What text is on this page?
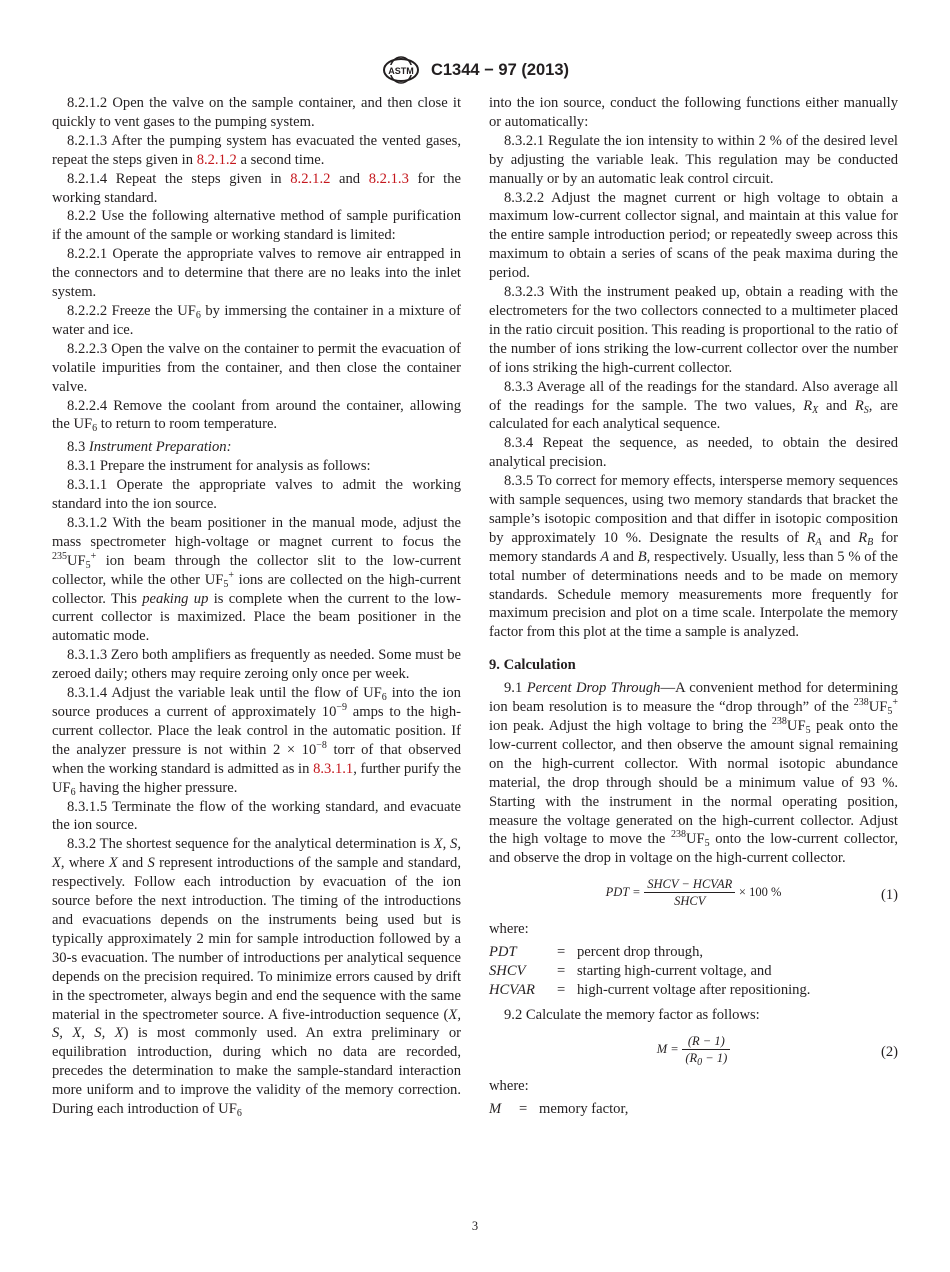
ASTM C1344 − 97 (2013)

8.2.1.2 Open the valve on the sample container, and then close it quickly to vent gases to the pumping system.

8.2.1.3 After the pumping system has evacuated the vented gases, repeat the steps given in 8.2.1.2 a second time.

8.2.1.4 Repeat the steps given in 8.2.1.2 and 8.2.1.3 for the working standard.

8.2.2 Use the following alternative method of sample purification if the amount of the sample or working standard is limited:

8.2.2.1 Operate the appropriate valves to remove air entrapped in the connectors and to determine that there are no leaks into the inlet system.

8.2.2.2 Freeze the $UF_6$ by immersing the container in a mixture of water and ice.

8.2.2.3 Open the valve on the container to permit the evacuation of volatile impurities from the container, and then close the container valve.

8.2.2.4 Remove the coolant from around the container, allowing the $UF_6$ to return to room temperature.

8.3 Instrument Preparation:

8.3.1 Prepare the instrument for analysis as follows:

8.3.1.1 Operate the appropriate valves to admit the working standard into the ion source.

8.3.1.2 With the beam positioner in the manual mode, adjust the mass spectrometer high-voltage or magnet current to focus the $^{235}UF_5^+$ ion beam through the collector slit to the low-current collector, while the other $UF_5^+$ ions are collected on the high-current collector. This peaking up is complete when the current to the low-current collector is maximized. Place the beam positioner in the automatic mode.

8.3.1.3 Zero both amplifiers as frequently as needed. Some must be zeroed daily; others may require zeroing only once per week.

8.3.1.4 Adjust the variable leak until the flow of $UF_6$ into the ion source produces a current of approximately $10^{-9}$ amps to the high-current collector. Place the leak control in the automatic position. If the analyzer pressure is not within $2 \times 10^{-8}$ torr of that observed when the working standard is admitted as in 8.3.1.1, further purify the $UF_6$ having the higher pressure.

8.3.1.5 Terminate the flow of the working standard, and evacuate the ion source.

8.3.2 The shortest sequence for the analytical determination is X, S, X, where X and S represent introductions of the sample and standard, respectively. Follow each introduction by evacuation of the ion source before the next introduction. The timing of the introductions and evacuations depends on the instruments being used but is typically approximately 2 min for sample introduction followed by a 30-s evacuation. The number of introductions per analytical sequence depends on the precision required. To minimize errors caused by drift in the spectrometer, always begin and end the sequence with the same material in the spectrometer source. A five-introduction sequence (X, S, X, S, X) is most commonly used. An extra preliminary or equilibration introduction, during which no data are recorded, precedes the determination to make the sample-standard interaction more uniform and to improve the validity of the memory correction. During each introduction of $UF_6$

into the ion source, conduct the following functions either manually or automatically:

8.3.2.1 Regulate the ion intensity to within 2 % of the desired level by adjusting the variable leak. This regulation may be conducted manually or by an automatic leak control circuit.

8.3.2.2 Adjust the magnet current or high voltage to obtain a maximum low-current collector signal, and maintain at this value for the entire sample introduction period; or repeatedly sweep across this maximum to obtain a series of scans of the peak maxima during the period.

8.3.2.3 With the instrument peaked up, obtain a reading with the electrometers for the two collectors connected to a multimeter placed in the ratio circuit position. This reading is proportional to the ratio of the number of ions striking the low-current collector over the number of ions striking the high-current collector.

8.3.3 Average all of the readings for the standard. Also average all of the readings for the sample. The two values, $R_X$ and $R_S$, are calculated for each analytical sequence.

8.3.4 Repeat the sequence, as needed, to obtain the desired analytical precision.

8.3.5 To correct for memory effects, intersperse memory sequences with sample sequences, using two memory standards that bracket the sample’s isotopic composition and that differ in isotopic composition by approximately 10 %. Designate the results of $R_A$ and $R_B$ for memory standards A and B, respectively. Usually, less than 5 % of the total number of determinations needs and to be made on memory standards. Schedule memory measurements more frequently for maximum precision and plot on a time scale. Interpolate the memory factor from this plot at the time a sample is analyzed.

9. Calculation

9.1 Percent Drop Through—A convenient method for determining ion beam resolution is to measure the “drop through” of the $^{238}UF_5^+$ ion peak. Adjust the high voltage to bring the $^{238}UF_5$ peak onto the low-current collector, and then observe the amount signal remaining on the high-current collector. With normal isotopic abundance material, the drop through should be a minimum value of 93 %. Starting with the instrument in the normal operating position, measure the voltage generated on the high-current collector. Adjust the high voltage to move the $^{238}UF_5$ onto the low-current collector, and observe the drop in voltage on the high-current collector.

PDT = $\frac{\text{SHCV − HCVAR}}{\text{SHCV}} \times 100$ %	(1)

where:

PDT	= percent drop through,
SHCV	= starting high-current voltage, and
HCVAR	= high-current voltage after repositioning.

9.2 Calculate the memory factor as follows:

$M = \frac{(R - 1)}{(R_0 - 1)}$	(2)

where:

M	= memory factor,
3
